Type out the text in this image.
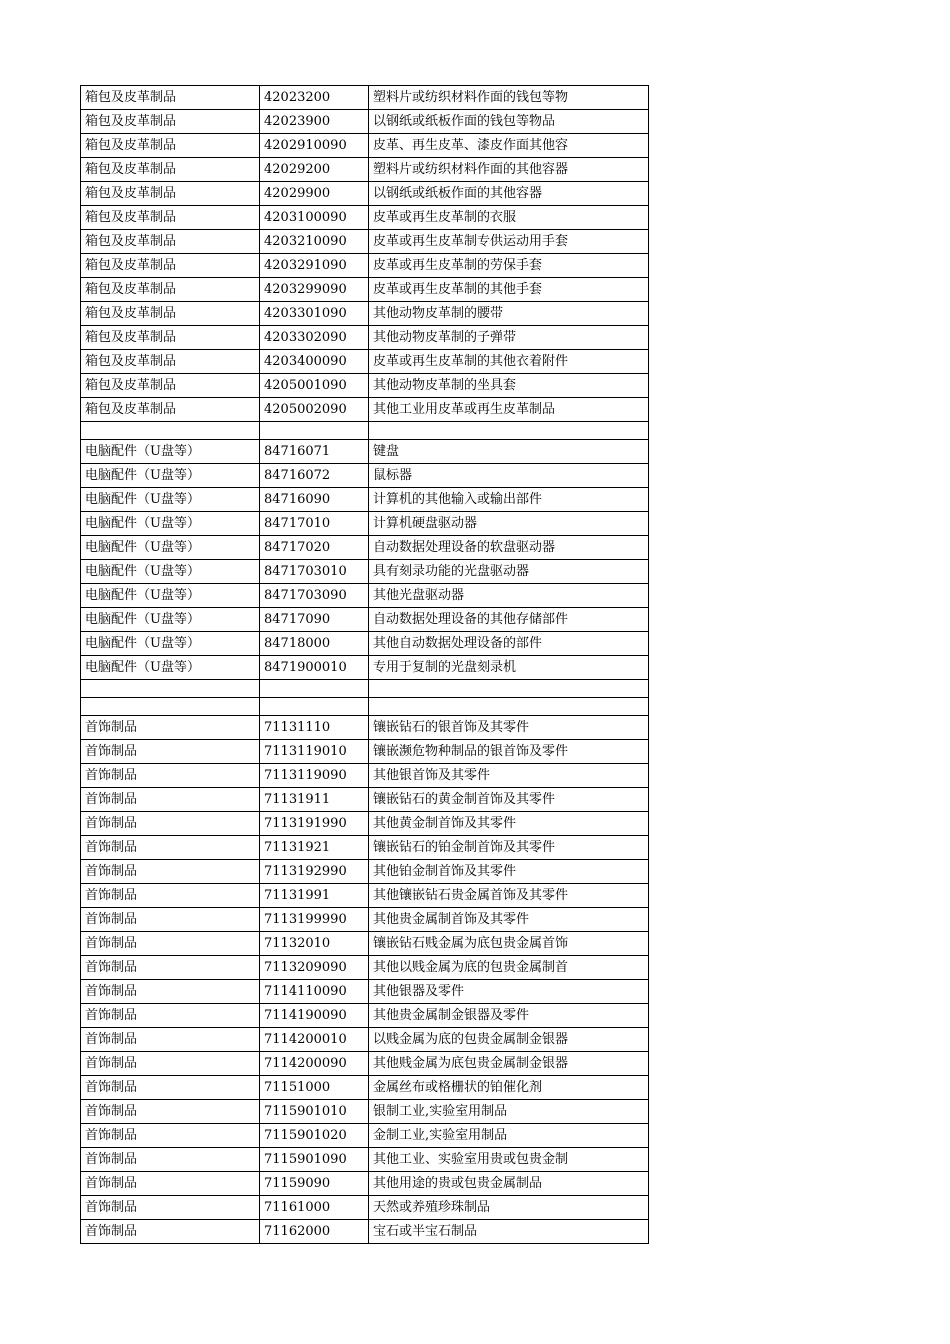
箱包及皮革制品	42023200	塑料片或纺织材料作面的钱包等物
箱包及皮革制品	42023900	以钢纸或纸板作面的钱包等物品
箱包及皮革制品	4202910090	皮革、再生皮革、漆皮作面其他容
箱包及皮革制品	42029200	塑料片或纺织材料作面的其他容器
箱包及皮革制品	42029900	以钢纸或纸板作面的其他容器
箱包及皮革制品	4203100090	皮革或再生皮革制的衣服
箱包及皮革制品	4203210090	皮革或再生皮革制专供运动用手套
箱包及皮革制品	4203291090	皮革或再生皮革制的劳保手套
箱包及皮革制品	4203299090	皮革或再生皮革制的其他手套
箱包及皮革制品	4203301090	其他动物皮革制的腰带
箱包及皮革制品	4203302090	其他动物皮革制的子弹带
箱包及皮革制品	4203400090	皮革或再生皮革制的其他衣着附件
箱包及皮革制品	4205001090	其他动物皮革制的坐具套
箱包及皮革制品	4205002090	其他工业用皮革或再生皮革制品

电脑配件（U盘等）	84716071	键盘
电脑配件（U盘等）	84716072	鼠标器
电脑配件（U盘等）	84716090	计算机的其他输入或输出部件
电脑配件（U盘等）	84717010	计算机硬盘驱动器
电脑配件（U盘等）	84717020	自动数据处理设备的软盘驱动器
电脑配件（U盘等）	8471703010	具有刻录功能的光盘驱动器
电脑配件（U盘等）	8471703090	其他光盘驱动器
电脑配件（U盘等）	84717090	自动数据处理设备的其他存储部件
电脑配件（U盘等）	84718000	其他自动数据处理设备的部件
电脑配件（U盘等）	8471900010	专用于复制的光盘刻录机

首饰制品	71131110	镶嵌钻石的银首饰及其零件
首饰制品	7113119010	镶嵌濒危物种制品的银首饰及零件
首饰制品	7113119090	其他银首饰及其零件
首饰制品	71131911	镶嵌钻石的黄金制首饰及其零件
首饰制品	7113191990	其他黄金制首饰及其零件
首饰制品	71131921	镶嵌钻石的铂金制首饰及其零件
首饰制品	7113192990	其他铂金制首饰及其零件
首饰制品	71131991	其他镶嵌钻石贵金属首饰及其零件
首饰制品	7113199990	其他贵金属制首饰及其零件
首饰制品	71132010	镶嵌钻石贱金属为底包贵金属首饰
首饰制品	7113209090	其他以贱金属为底的包贵金属制首
首饰制品	7114110090	其他银器及零件
首饰制品	7114190090	其他贵金属制金银器及零件
首饰制品	7114200010	以贱金属为底的包贵金属制金银器
首饰制品	7114200090	其他贱金属为底包贵金属制金银器
首饰制品	71151000	金属丝布或格栅状的铂催化剂
首饰制品	7115901010	银制工业,实验室用制品
首饰制品	7115901020	金制工业,实验室用制品
首饰制品	7115901090	其他工业、实验室用贵或包贵金制
首饰制品	71159090	其他用途的贵或包贵金属制品
首饰制品	71161000	天然或养殖珍珠制品
首饰制品	71162000	宝石或半宝石制品
